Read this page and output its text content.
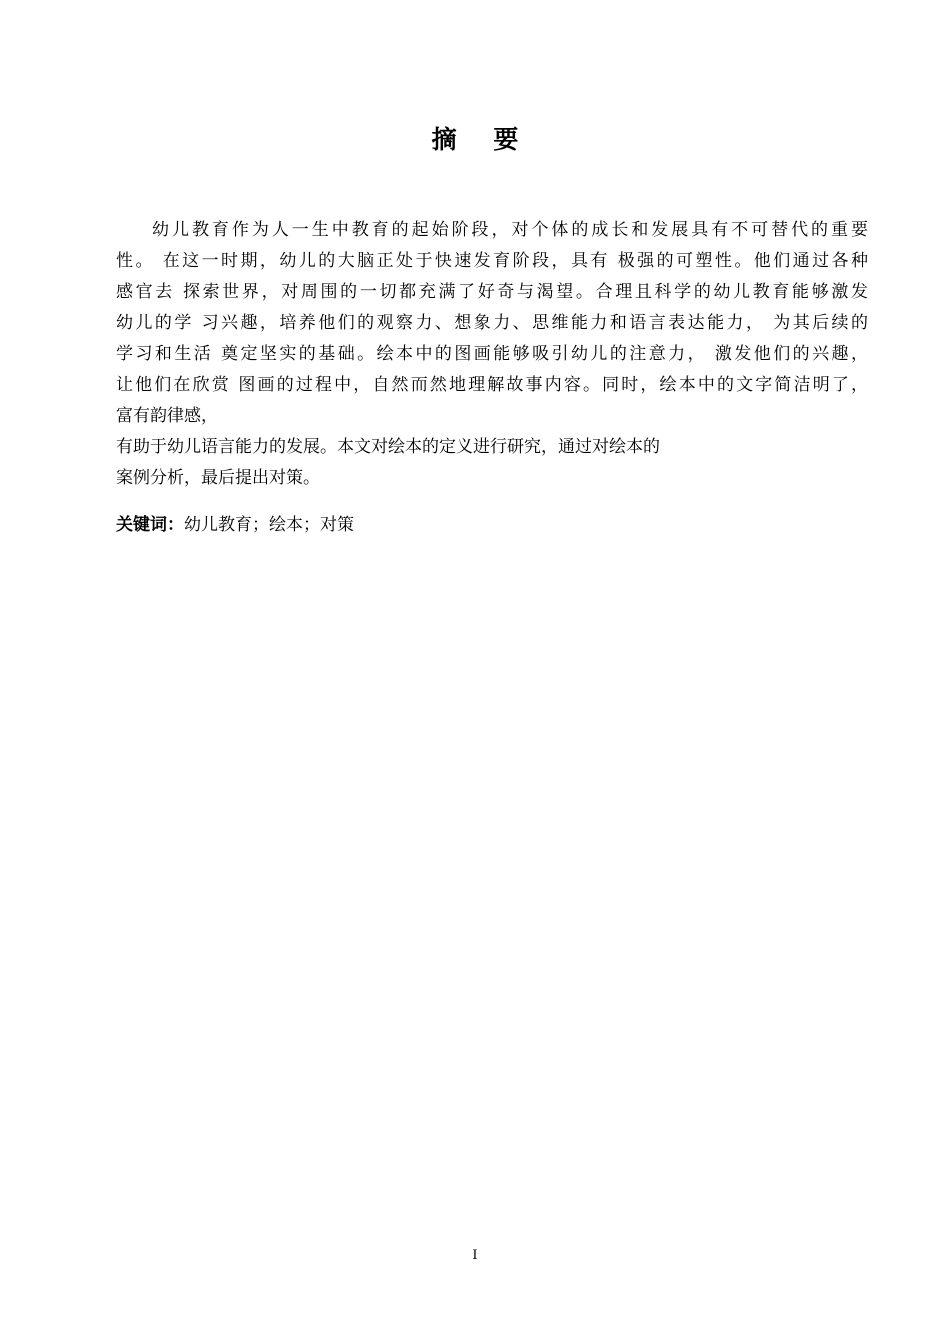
摘 要
幼儿教育作为人一生中教育的起始阶段，对个体的成长和发展具有不可替代的重要
性。 在这一时期，幼儿的大脑正处于快速发育阶段，具有 极强的可塑性。他们通过各种
感官去 探索世界，对周围的一切都充满了好奇与渴望。合理且科学的幼儿教育能够激发
幼儿的学 习兴趣，培养他们的观察力、想象力、思维能力和语言表达能力， 为其后续的
学习和生活 奠定坚实的基础。绘本中的图画能够吸引幼儿的注意力， 激发他们的兴趣，
让他们在欣赏 图画的过程中，自然而然地理解故事内容。同时，绘本中的文字简洁明了，
富有韵律感，
有助于幼儿语言能力的发展。本文对绘本的定义进行研究，通过对绘本的
案例分析，最后提出对策。
关键词：幼儿教育；绘本；对策
I
